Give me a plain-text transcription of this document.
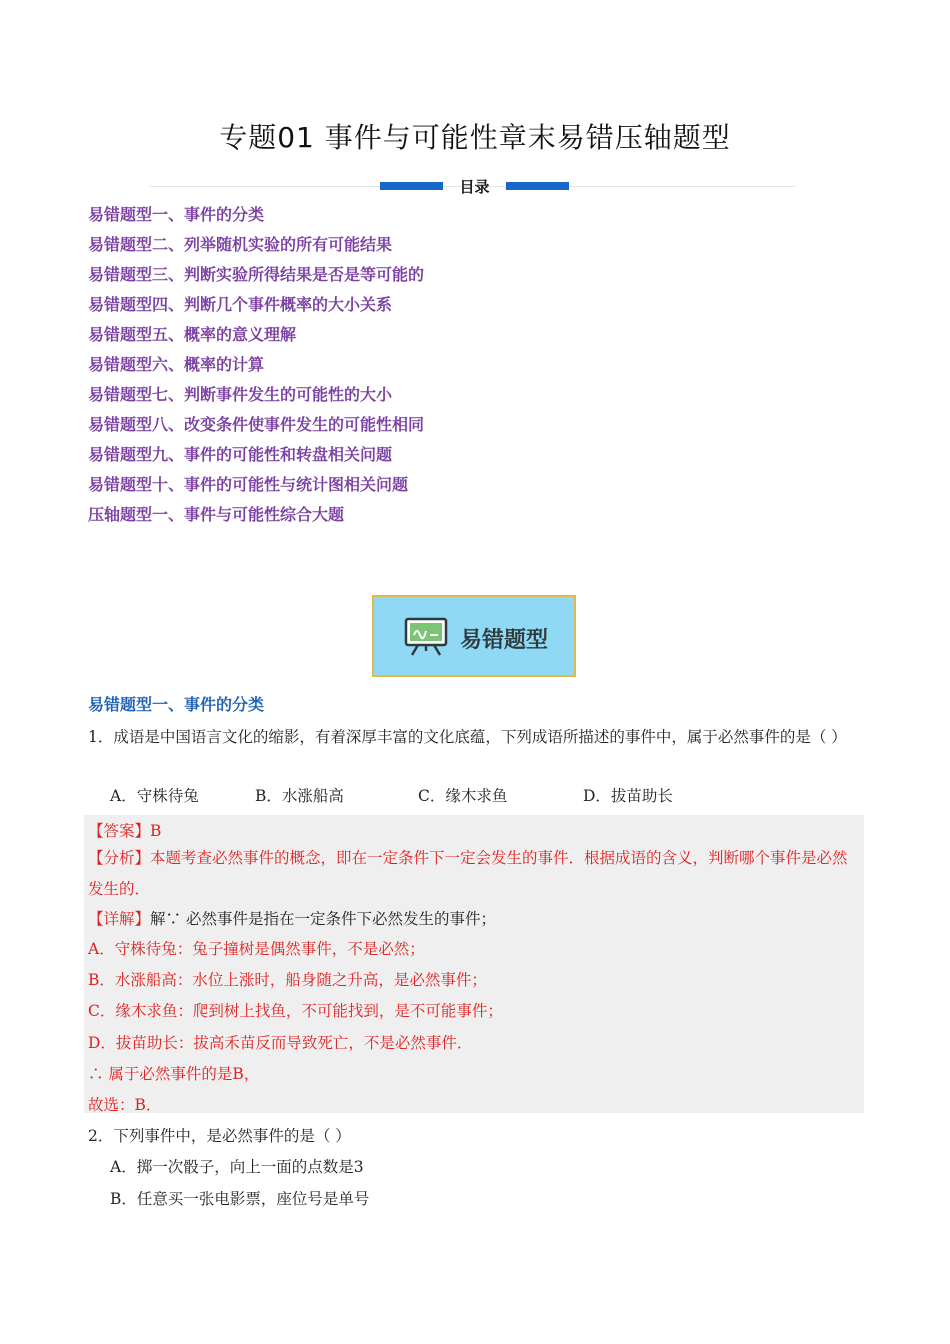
专题01 事件与可能性章末易错压轴题型
目录
易错题型一、事件的分类
易错题型二、列举随机实验的所有可能结果
易错题型三、判断实验所得结果是否是等可能的
易错题型四、判断几个事件概率的大小关系
易错题型五、概率的意义理解
易错题型六、概率的计算
易错题型七、判断事件发生的可能性的大小
易错题型八、改变条件使事件发生的可能性相同
易错题型九、事件的可能性和转盘相关问题
易错题型十、事件的可能性与统计图相关问题
压轴题型一、事件与可能性综合大题
易错题型
易错题型一、事件的分类
1．成语是中国语言文化的缩影，有着深厚丰富的文化底蕴，下列成语所描述的事件中，属于必然事件的是（ ）
A．守株待兔	B．水涨船高	C．缘木求鱼	D．拔苗助长
【答案】B
【分析】本题考查必然事件的概念，即在一定条件下一定会发生的事件．根据成语的含义，判断哪个事件是必然发生的．
【详解】解∵ 必然事件是指在一定条件下必然发生的事件；
A．守株待兔：兔子撞树是偶然事件，不是必然；
B．水涨船高：水位上涨时，船身随之升高，是必然事件；
C．缘木求鱼：爬到树上找鱼，不可能找到，是不可能事件；
D．拔苗助长：拔高禾苗反而导致死亡，不是必然事件．
∴ 属于必然事件的是B，
故选：B．
2．下列事件中，是必然事件的是（ ）
A．掷一次骰子，向上一面的点数是3
B．任意买一张电影票，座位号是单号
